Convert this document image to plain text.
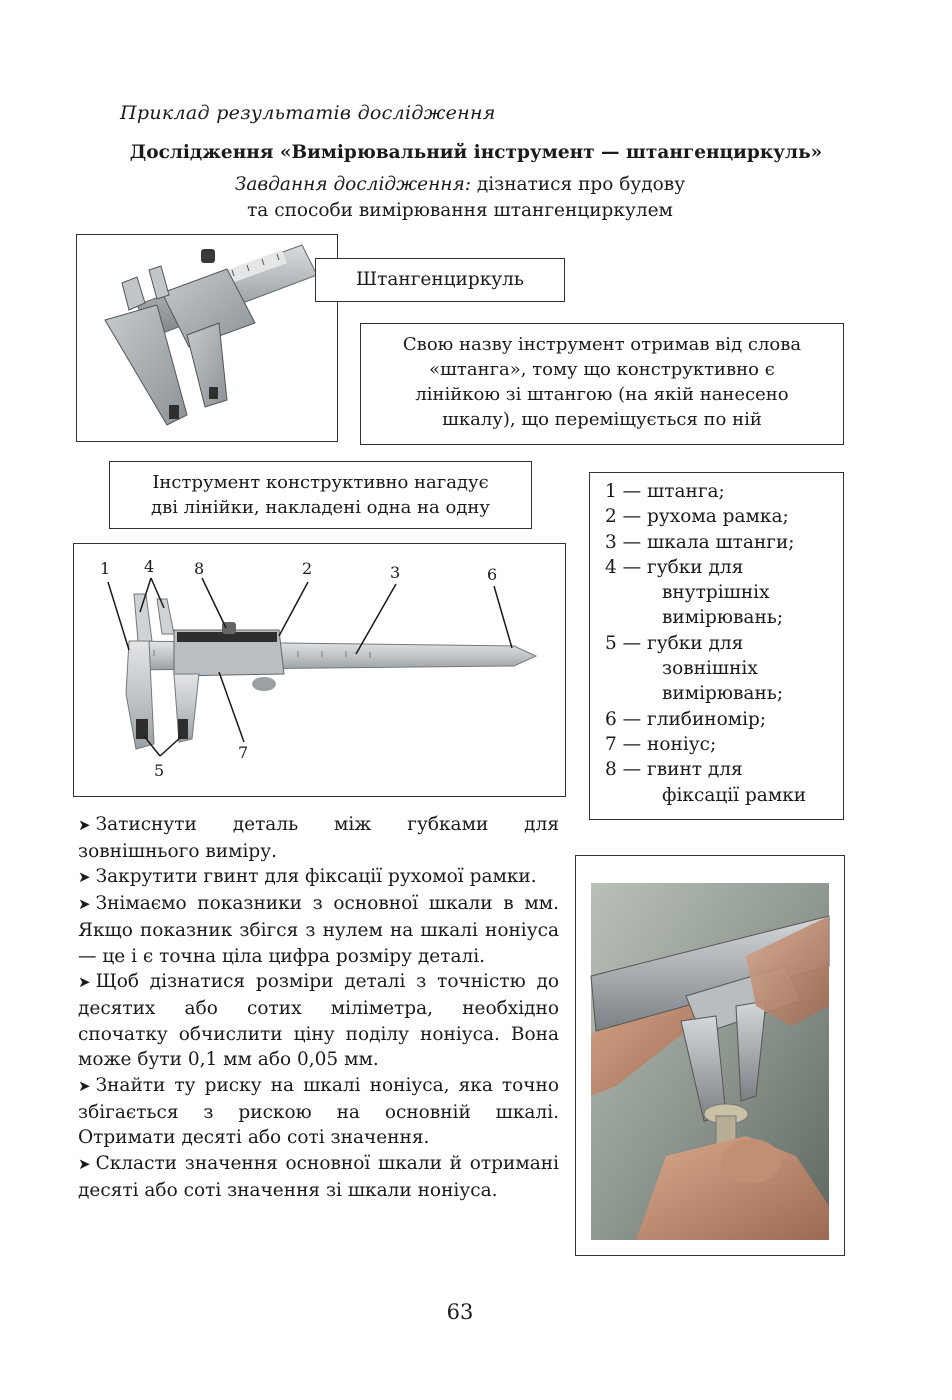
Приклад результатів дослідження
Дослідження «Вимірювальний інструмент — штангенциркуль»
Завдання дослідження: дізнатися про будову
та способи вимірювання штангенциркулем
Штангенциркуль
Свою назву інструмент отримав від слова
«штанга», тому що конструктивно є
лінійкою зі штангою (на якій нанесено
шкалу), що переміщується по ній
Інструмент конструктивно нагадує
дві лінійки, накладені одна на одну
1 4 8	2	3	6
7
5
1 — штанга;
2 — рухома рамка;
3 — шкала штанги;
4 — губки для
внутрішніх
вимірювань;
5 — губки для
зовнішніх
вимірювань;
6 — глибиномір;
7 — ноніус;
8 — гвинт для
фіксації рамки

➤ Затиснути деталь між губками для зовнішнього виміру.

➤ Закрутити гвинт для фіксації рухомої рамки.

➤ Знімаємо показники з основної шкали в мм. Якщо показник збігся з нулем на шкалі ноніуса — це і є точна ціла цифра розміру деталі.

➤ Щоб дізнатися розміри деталі з точністю до десятих або сотих міліметра, необхідно спочатку обчислити ціну поділу ноніуса. Вона може бути 0,1 мм або 0,05 мм.

➤ Знайти ту риску на шкалі ноніуса, яка точно збігається з рискою на основній шкалі. Отримати десяті або соті значення.

➤ Скласти значення основної шкали й отримані десяті або соті значення зі шкали ноніуса.

63
